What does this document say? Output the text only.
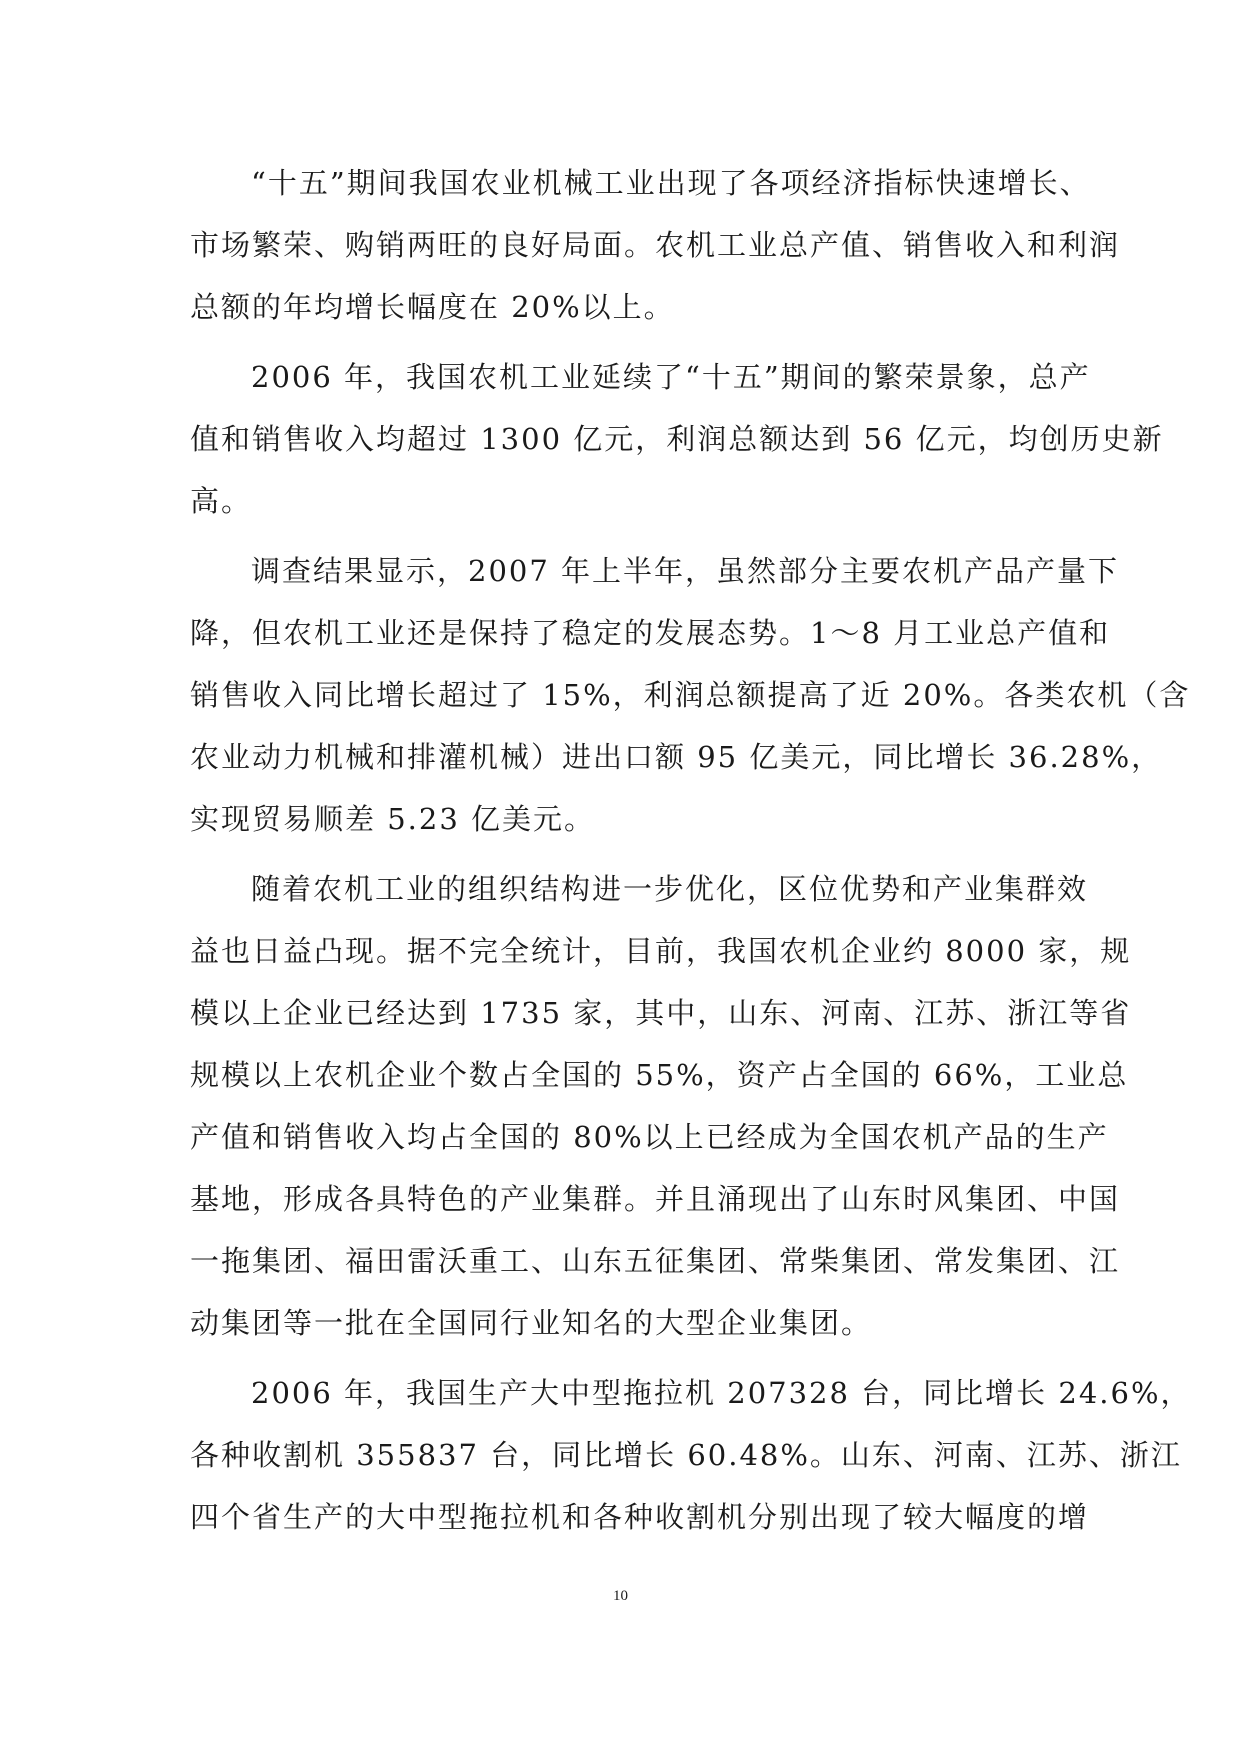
“十五”期间我国农业机械工业出现了各项经济指标快速增长、
市场繁荣、购销两旺的良好局面。农机工业总产值、销售收入和利润
总额的年均增长幅度在 20%以上。
2006 年，我国农机工业延续了“十五”期间的繁荣景象，总产
值和销售收入均超过 1300 亿元，利润总额达到 56 亿元，均创历史新
高。
调查结果显示，2007 年上半年，虽然部分主要农机产品产量下
降，但农机工业还是保持了稳定的发展态势。1～8 月工业总产值和
销售收入同比增长超过了 15%，利润总额提高了近 20%。各类农机（含
农业动力机械和排灌机械）进出口额 95 亿美元，同比增长 36.28%，
实现贸易顺差 5.23 亿美元。
随着农机工业的组织结构进一步优化，区位优势和产业集群效
益也日益凸现。据不完全统计，目前，我国农机企业约 8000 家，规
模以上企业已经达到 1735 家，其中，山东、河南、江苏、浙江等省
规模以上农机企业个数占全国的 55%，资产占全国的 66%，工业总
产值和销售收入均占全国的 80%以上已经成为全国农机产品的生产
基地，形成各具特色的产业集群。并且涌现出了山东时风集团、中国
一拖集团、福田雷沃重工、山东五征集团、常柴集团、常发集团、江
动集团等一批在全国同行业知名的大型企业集团。
2006 年，我国生产大中型拖拉机 207328 台，同比增长 24.6%，
各种收割机 355837 台，同比增长 60.48%。山东、河南、江苏、浙江
四个省生产的大中型拖拉机和各种收割机分别出现了较大幅度的增
10
